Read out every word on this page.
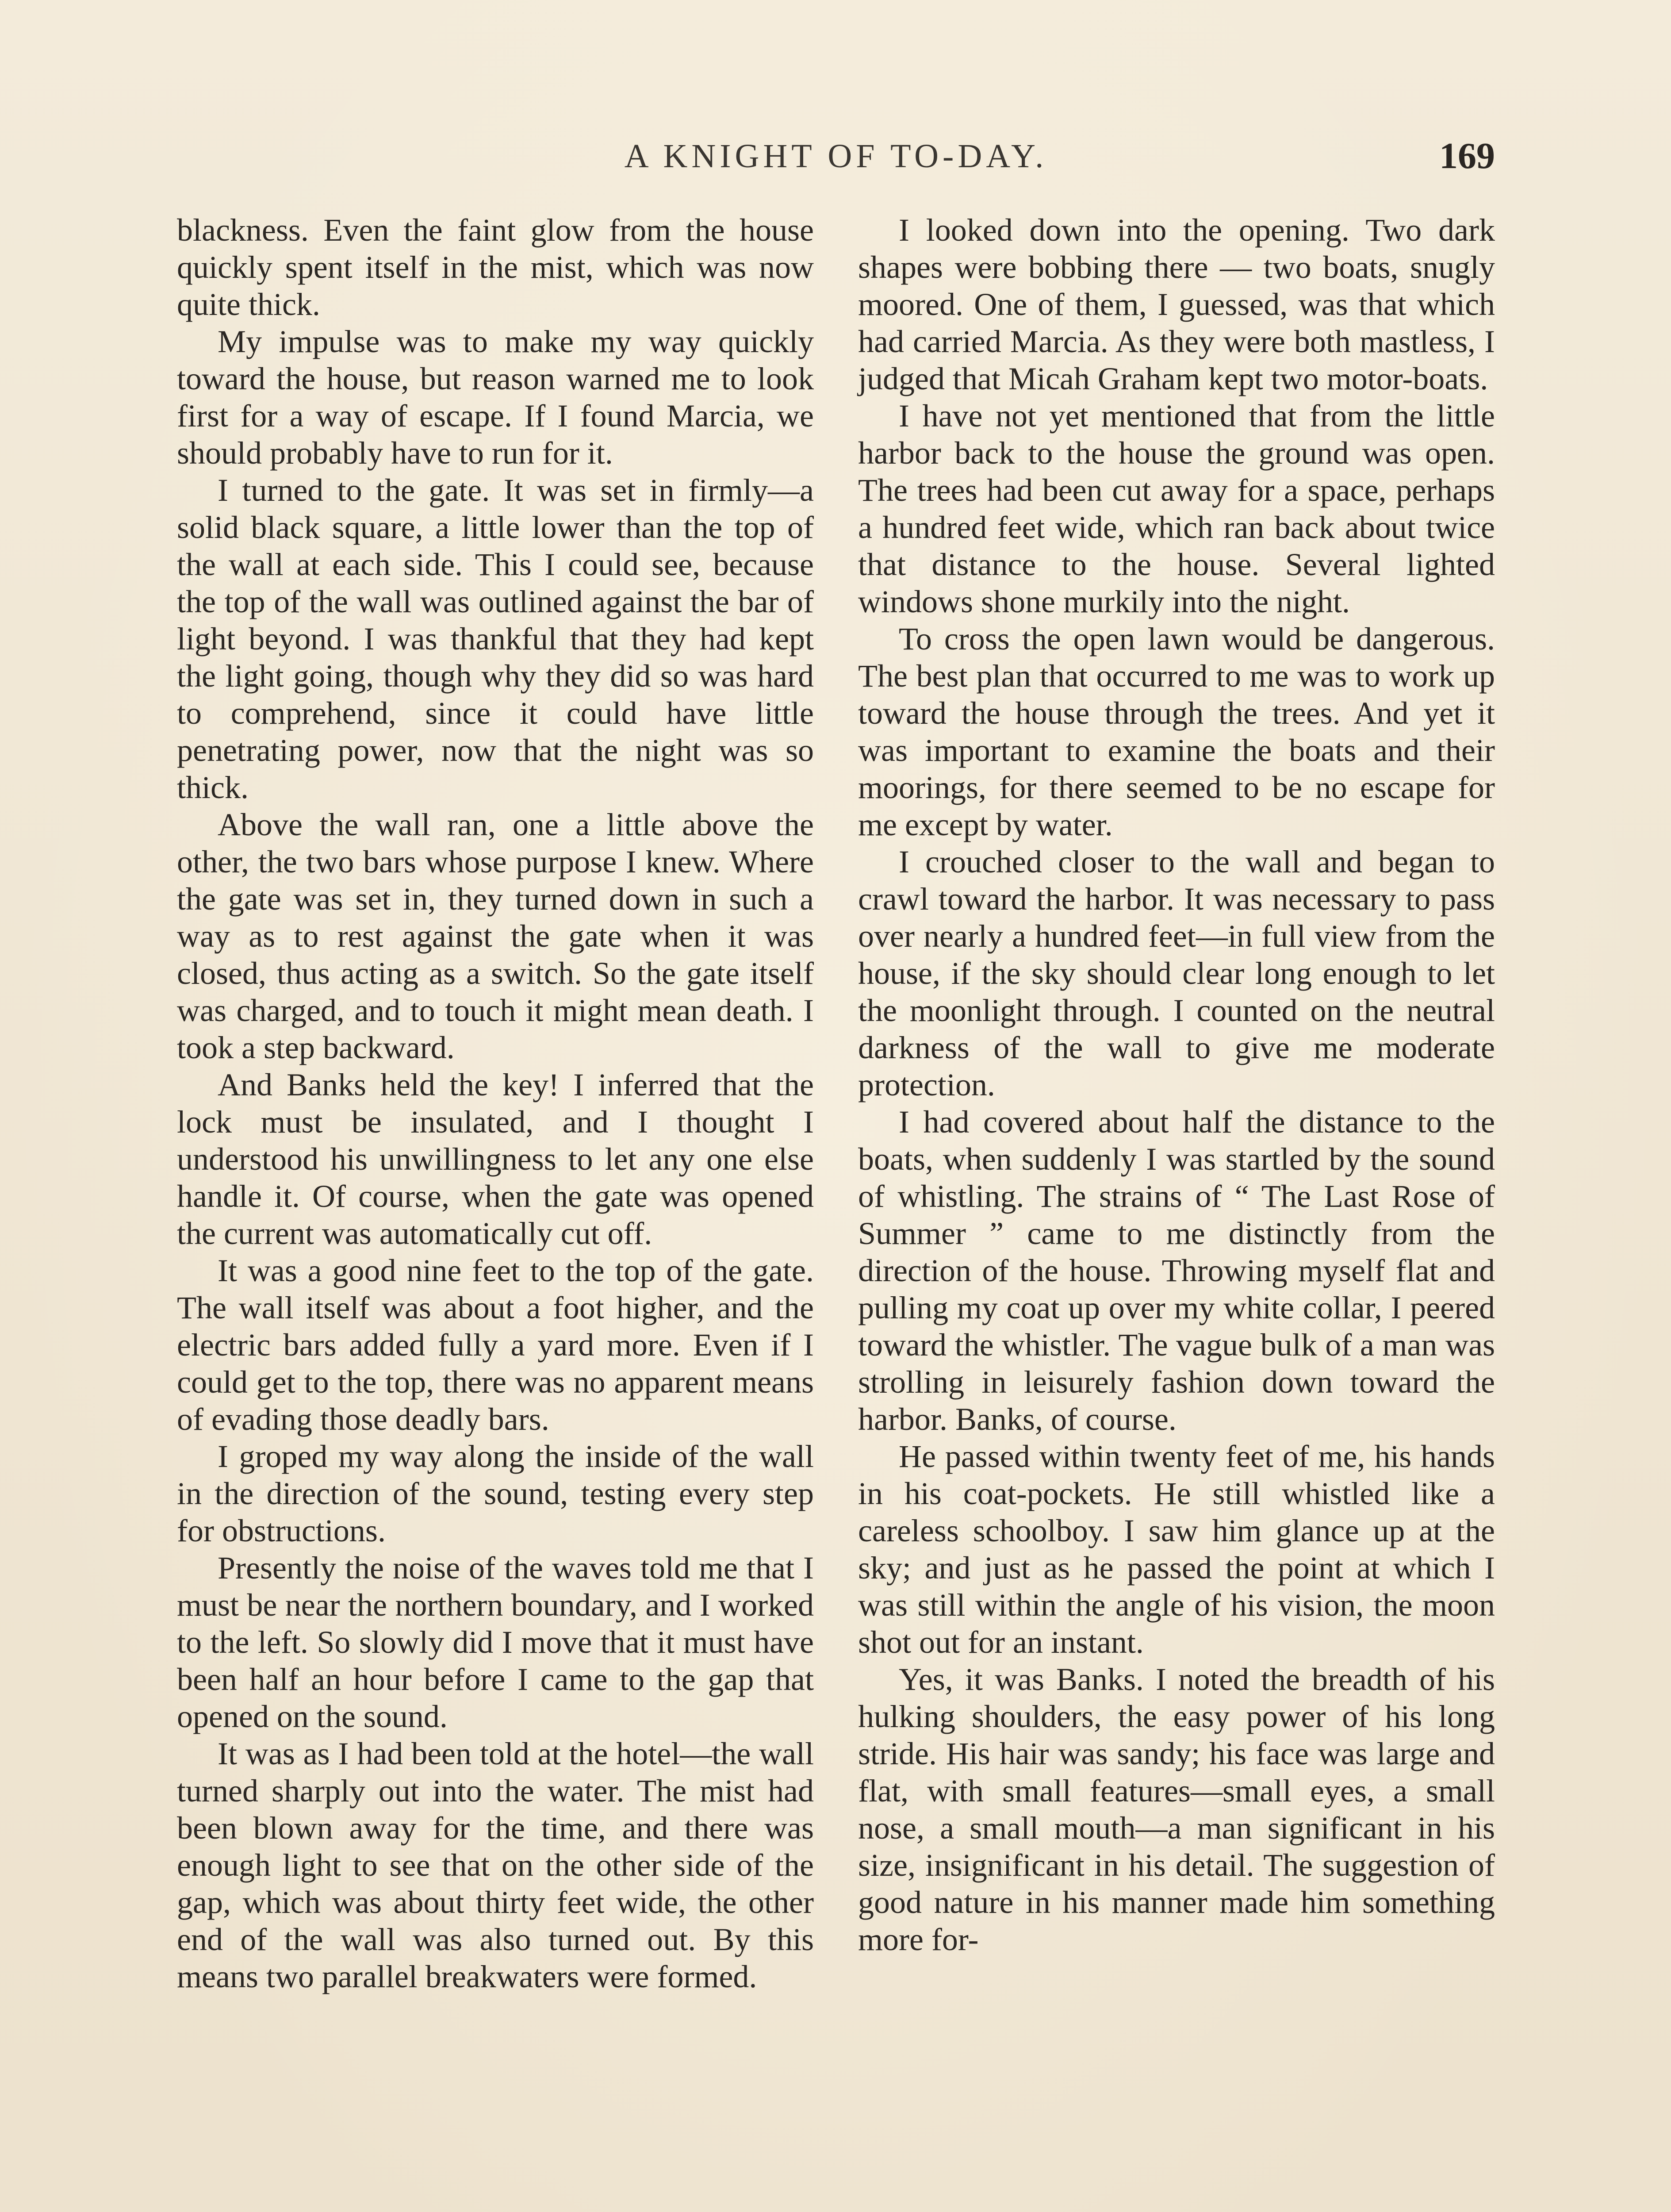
A KNIGHT OF TO-DAY.	169

blackness. Even the faint glow from the house quickly spent itself in the mist, which was now quite thick.

My impulse was to make my way quickly toward the house, but reason warned me to look first for a way of escape. If I found Marcia, we should probably have to run for it.

I turned to the gate. It was set in firmly—a solid black square, a little lower than the top of the wall at each side. This I could see, because the top of the wall was outlined against the bar of light beyond. I was thankful that they had kept the light going, though why they did so was hard to comprehend, since it could have little penetrating power, now that the night was so thick.

Above the wall ran, one a little above the other, the two bars whose purpose I knew. Where the gate was set in, they turned down in such a way as to rest against the gate when it was closed, thus acting as a switch. So the gate itself was charged, and to touch it might mean death. I took a step backward.

And Banks held the key! I inferred that the lock must be insulated, and I thought I understood his unwillingness to let any one else handle it. Of course, when the gate was opened the current was automatically cut off.

It was a good nine feet to the top of the gate. The wall itself was about a foot higher, and the electric bars added fully a yard more. Even if I could get to the top, there was no apparent means of evading those deadly bars.

I groped my way along the inside of the wall in the direction of the sound, testing every step for obstructions.

Presently the noise of the waves told me that I must be near the northern boundary, and I worked to the left. So slowly did I move that it must have been half an hour before I came to the gap that opened on the sound.

It was as I had been told at the hotel—the wall turned sharply out into the water. The mist had been blown away for the time, and there was enough light to see that on the other side of the gap, which was about thirty feet wide, the other end of the wall was also turned out. By this means two parallel breakwaters were formed.

I looked down into the opening. Two dark shapes were bobbing there — two boats, snugly moored. One of them, I guessed, was that which had carried Marcia. As they were both mastless, I judged that Micah Graham kept two motor-boats.

I have not yet mentioned that from the little harbor back to the house the ground was open. The trees had been cut away for a space, perhaps a hundred feet wide, which ran back about twice that distance to the house. Several lighted windows shone murkily into the night.

To cross the open lawn would be dangerous. The best plan that occurred to me was to work up toward the house through the trees. And yet it was important to examine the boats and their moorings, for there seemed to be no escape for me except by water.

I crouched closer to the wall and began to crawl toward the harbor. It was necessary to pass over nearly a hundred feet—in full view from the house, if the sky should clear long enough to let the moonlight through. I counted on the neutral darkness of the wall to give me moderate protection.

I had covered about half the distance to the boats, when suddenly I was startled by the sound of whistling. The strains of “ The Last Rose of Summer ” came to me distinctly from the direction of the house. Throwing myself flat and pulling my coat up over my white collar, I peered toward the whistler. The vague bulk of a man was strolling in leisurely fashion down toward the harbor. Banks, of course.

He passed within twenty feet of me, his hands in his coat-pockets. He still whistled like a careless schoolboy. I saw him glance up at the sky; and just as he passed the point at which I was still within the angle of his vision, the moon shot out for an instant.

Yes, it was Banks. I noted the breadth of his hulking shoulders, the easy power of his long stride. His hair was sandy; his face was large and flat, with small features—small eyes, a small nose, a small mouth—a man significant in his size, insignificant in his detail. The suggestion of good nature in his manner made him something more for-
